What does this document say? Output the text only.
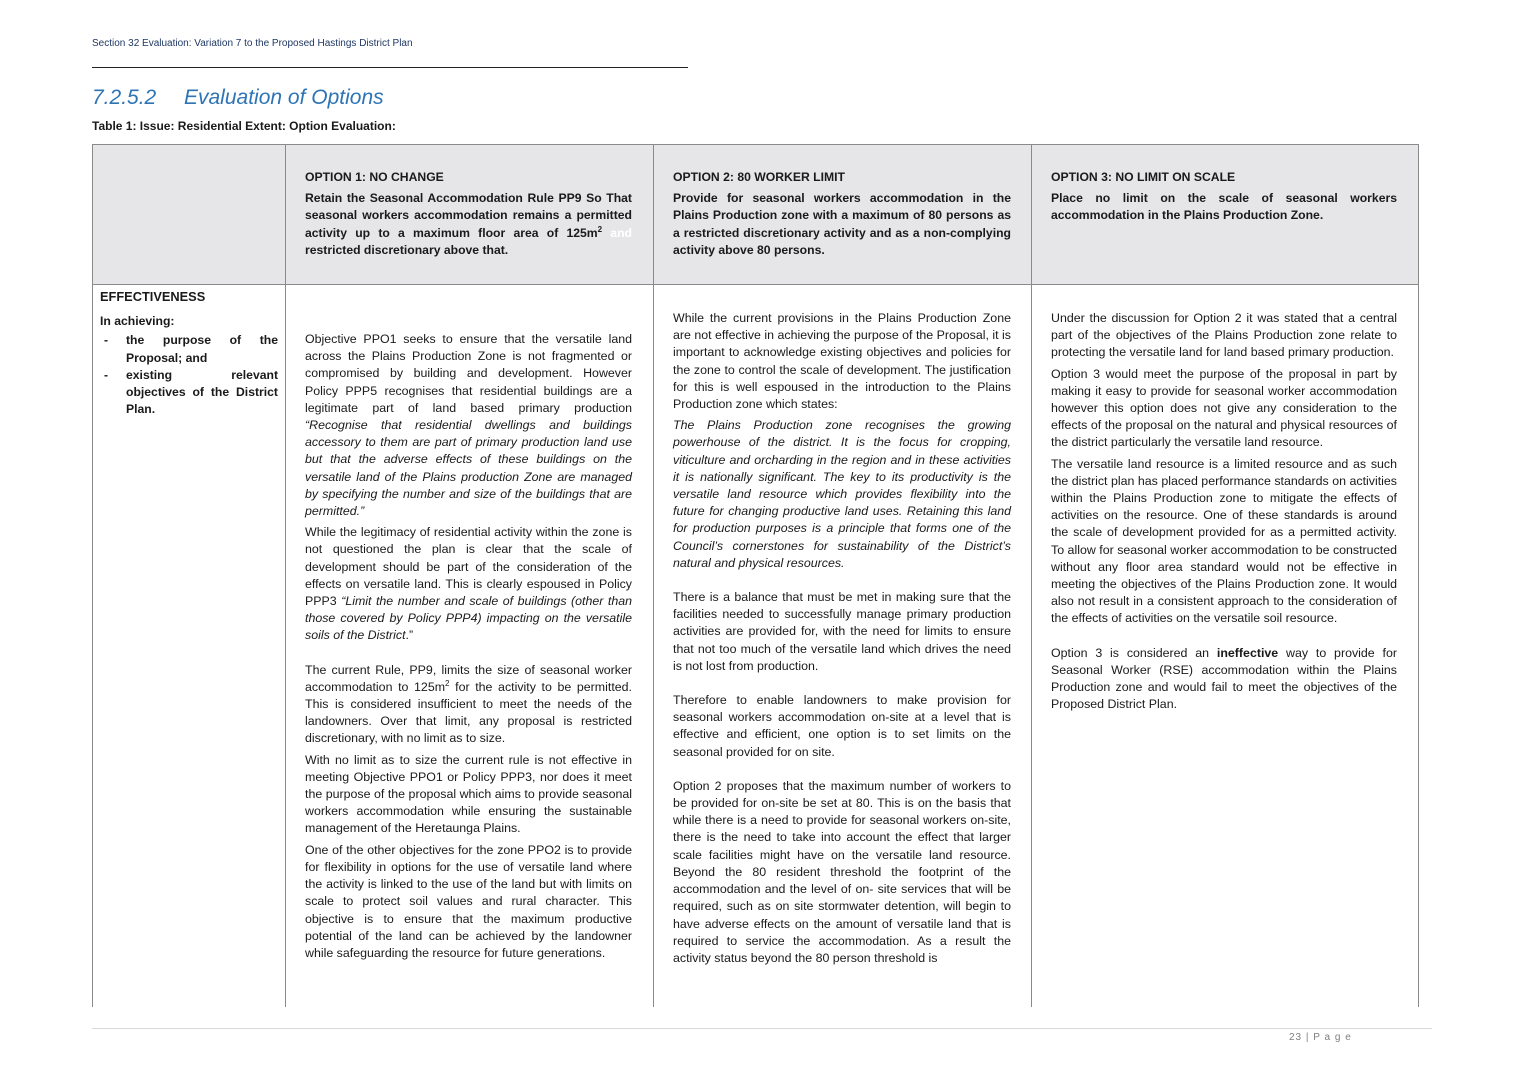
Section 32 Evaluation: Variation 7 to the Proposed Hastings District Plan
7.2.5.2 Evaluation of Options
Table 1: Issue: Residential Extent: Option Evaluation:
OPTION 1: NO CHANGE
Retain the Seasonal Accommodation Rule PP9 So That seasonal workers accommodation remains a permitted activity up to a maximum floor area of $125m^2$ and restricted discretionary above that.
OPTION 2: 80 WORKER LIMIT
Provide for seasonal workers accommodation in the Plains Production zone with a maximum of 80 persons as a restricted discretionary activity and as a non-complying activity above 80 persons.
OPTION 3: NO LIMIT ON SCALE
Place no limit on the scale of seasonal workers accommodation in the Plains Production Zone.
EFFECTIVENESS
In achieving:
-	the purpose of the Proposal; and
-	existing relevant objectives of the District Plan.

Objective PPO1 seeks to ensure that the versatile land across the Plains Production Zone is not fragmented or compromised by building and development. However Policy PPP5 recognises that residential buildings are a legitimate part of land based primary production “Recognise that residential dwellings and buildings accessory to them are part of primary production land use but that the adverse effects of these buildings on the versatile land of the Plains production Zone are managed by specifying the number and size of the buildings that are permitted.”

While the legitimacy of residential activity within the zone is not questioned the plan is clear that the scale of development should be part of the consideration of the effects on versatile land. This is clearly espoused in Policy PPP3 “Limit the number and scale of buildings (other than those covered by Policy PPP4) impacting on the versatile soils of the District.”

The current Rule, PP9, limits the size of seasonal worker accommodation to $125m^2$ for the activity to be permitted. This is considered insufficient to meet the needs of the landowners. Over that limit, any proposal is restricted discretionary, with no limit as to size.

With no limit as to size the current rule is not effective in meeting Objective PPO1 or Policy PPP3, nor does it meet the purpose of the proposal which aims to provide seasonal workers accommodation while ensuring the sustainable management of the Heretaunga Plains.

One of the other objectives for the zone PPO2 is to provide for flexibility in options for the use of versatile land where the activity is linked to the use of the land but with limits on scale to protect soil values and rural character. This objective is to ensure that the maximum productive potential of the land can be achieved by the landowner while safeguarding the resource for future generations.

While the current provisions in the Plains Production Zone are not effective in achieving the purpose of the Proposal, it is important to acknowledge existing objectives and policies for the zone to control the scale of development. The justification for this is well espoused in the introduction to the Plains Production zone which states:

The Plains Production zone recognises the growing powerhouse of the district. It is the focus for cropping, viticulture and orcharding in the region and in these activities it is nationally significant. The key to its productivity is the versatile land resource which provides flexibility into the future for changing productive land uses. Retaining this land for production purposes is a principle that forms one of the Council’s cornerstones for sustainability of the District’s natural and physical resources.

There is a balance that must be met in making sure that the facilities needed to successfully manage primary production activities are provided for, with the need for limits to ensure that not too much of the versatile land which drives the need is not lost from production.

Therefore to enable landowners to make provision for seasonal workers accommodation on-site at a level that is effective and efficient, one option is to set limits on the seasonal provided for on site.

Option 2 proposes that the maximum number of workers to be provided for on-site be set at 80. This is on the basis that while there is a need to provide for seasonal workers on-site, there is the need to take into account the effect that larger scale facilities might have on the versatile land resource. Beyond the 80 resident threshold the footprint of the accommodation and the level of on- site services that will be required, such as on site stormwater detention, will begin to have adverse effects on the amount of versatile land that is required to service the accommodation. As a result the activity status beyond the 80 person threshold is

Under the discussion for Option 2 it was stated that a central part of the objectives of the Plains Production zone relate to protecting the versatile land for land based primary production.

Option 3 would meet the purpose of the proposal in part by making it easy to provide for seasonal worker accommodation however this option does not give any consideration to the effects of the proposal on the natural and physical resources of the district particularly the versatile land resource.

The versatile land resource is a limited resource and as such the district plan has placed performance standards on activities within the Plains Production zone to mitigate the effects of activities on the resource. One of these standards is around the scale of development provided for as a permitted activity. To allow for seasonal worker accommodation to be constructed without any floor area standard would not be effective in meeting the objectives of the Plains Production zone. It would also not result in a consistent approach to the consideration of the effects of activities on the versatile soil resource.

Option 3 is considered an ineffective way to provide for Seasonal Worker (RSE) accommodation within the Plains Production zone and would fail to meet the objectives of the Proposed District Plan.

23 | P a g e
